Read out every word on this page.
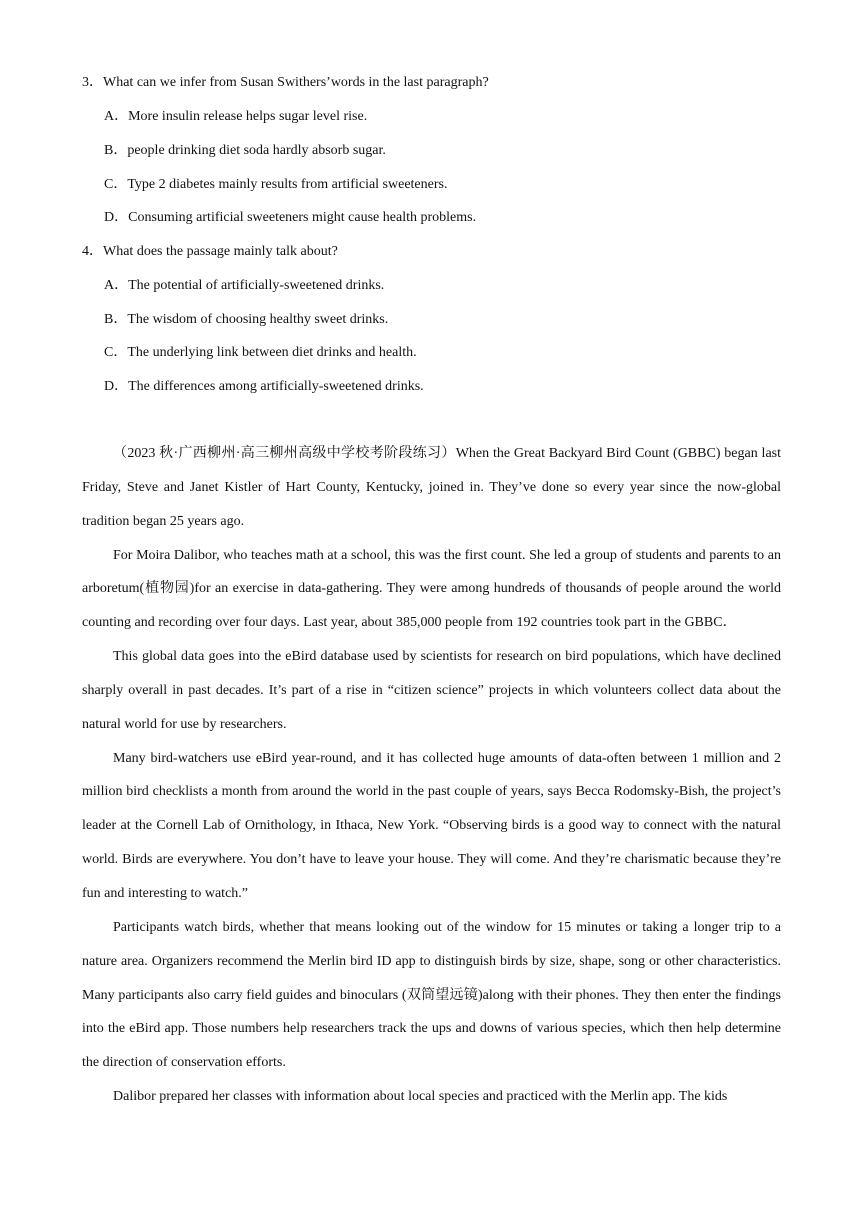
3．What can we infer from Susan Swithers’words in the last paragraph?
A．More insulin release helps sugar level rise.
B．people drinking diet soda hardly absorb sugar.
C．Type 2 diabetes mainly results from artificial sweeteners.
D．Consuming artificial sweeteners might cause health problems.
4．What does the passage mainly talk about?
A．The potential of artificially-sweetened drinks.
B．The wisdom of choosing healthy sweet drinks.
C．The underlying link between diet drinks and health.
D．The differences among artificially-sweetened drinks.

（2023 秋·广西柳州·高三柳州高级中学校考阶段练习）When the Great Backyard Bird Count (GBBC) began last Friday, Steve and Janet Kistler of Hart County, Kentucky, joined in. They’ve done so every year since the now-global tradition began 25 years ago.

For Moira Dalibor, who teaches math at a school, this was the first count. She led a group of students and parents to an arboretum(植物园)for an exercise in data-gathering. They were among hundreds of thousands of people around the world counting and recording over four days. Last year, about 385,000 people from 192 countries took part in the GBBC．

This global data goes into the eBird database used by scientists for research on bird populations, which have declined sharply overall in past decades. It’s part of a rise in “citizen science” projects in which volunteers collect data about the natural world for use by researchers.

Many bird-watchers use eBird year-round, and it has collected huge amounts of data-often between 1 million and 2 million bird checklists a month from around the world in the past couple of years, says Becca Rodomsky-Bish, the project’s leader at the Cornell Lab of Ornithology, in Ithaca, New York. “Observing birds is a good way to connect with the natural world. Birds are everywhere. You don’t have to leave your house. They will come. And they’re charismatic because they’re fun and interesting to watch.”

Participants watch birds, whether that means looking out of the window for 15 minutes or taking a longer trip to a nature area. Organizers recommend the Merlin bird ID app to distinguish birds by size, shape, song or other characteristics. Many participants also carry field guides and binoculars (双筒望远镜)along with their phones. They then enter the findings into the eBird app. Those numbers help researchers track the ups and downs of various species, which then help determine the direction of conservation efforts.

Dalibor prepared her classes with information about local species and practiced with the Merlin app. The kids
